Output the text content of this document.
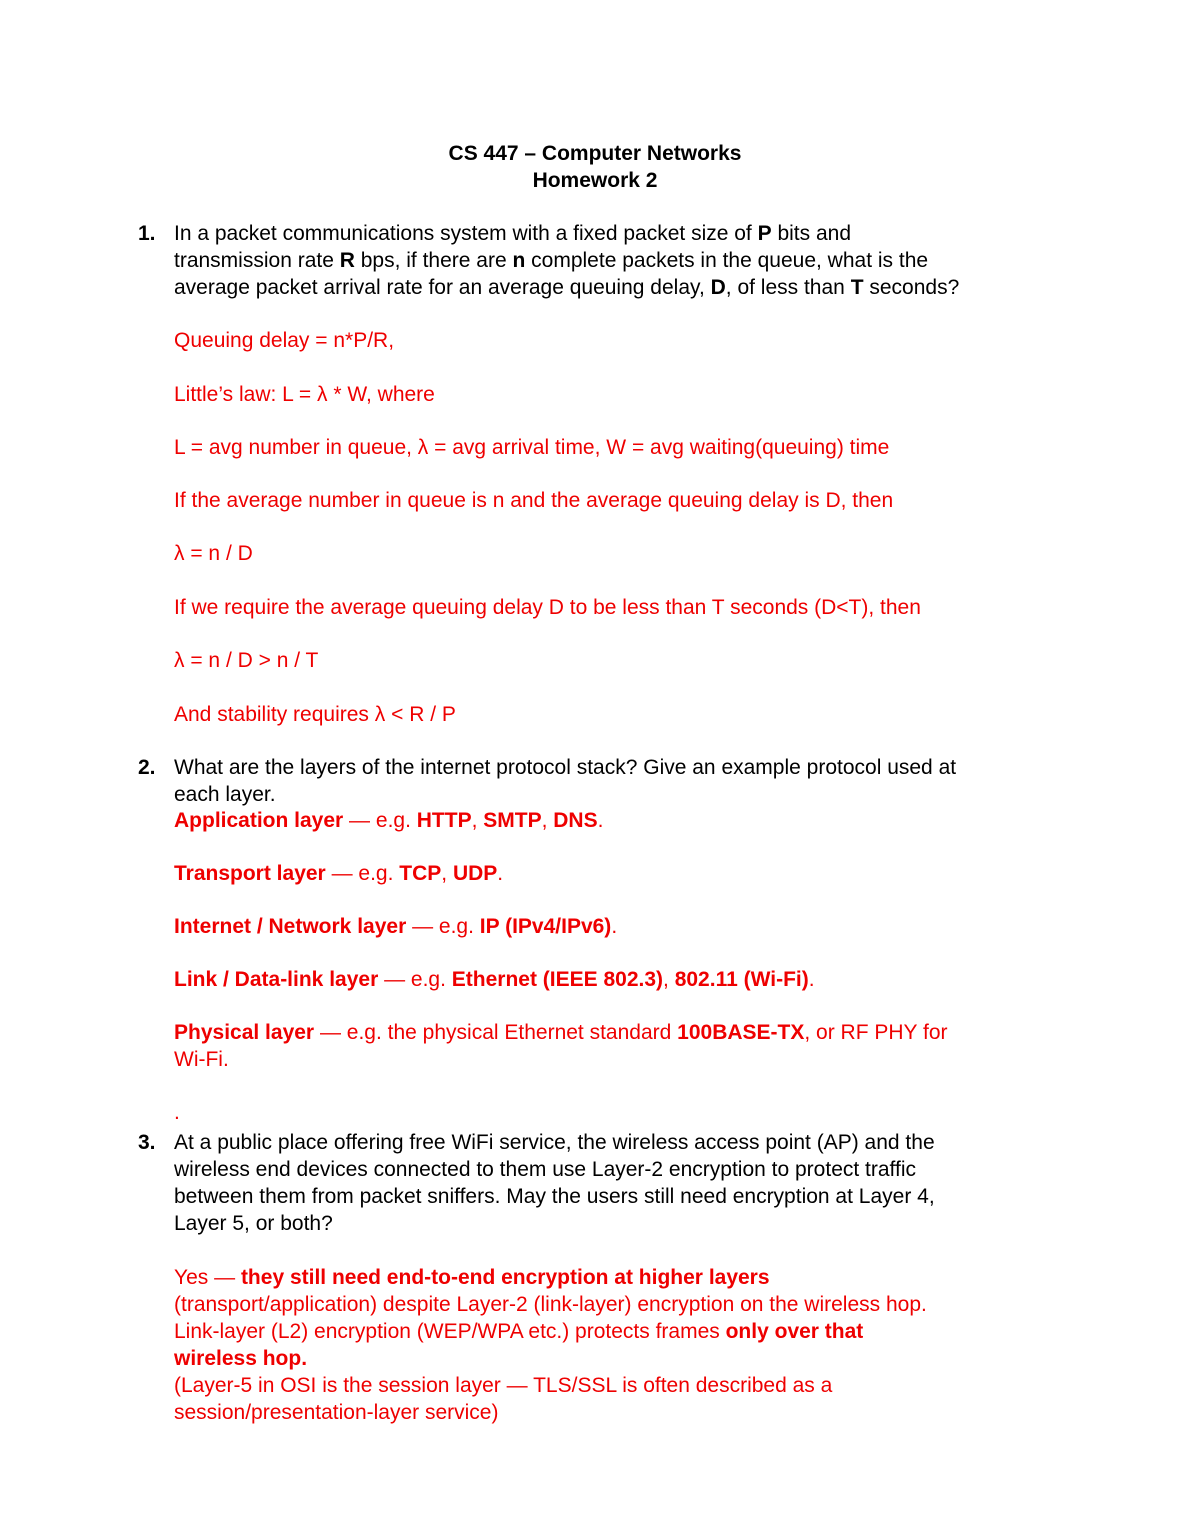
CS 447 – Computer Networks
Homework 2
1. In a packet communications system with a fixed packet size of P bits and
transmission rate R bps, if there are n complete packets in the queue, what is the
average packet arrival rate for an average queuing delay, D, of less than T seconds?
Queuing delay = n*P/R,
Little’s law: L = λ * W, where
L = avg number in queue, λ = avg arrival time, W = avg waiting(queuing) time
If the average number in queue is n and the average queuing delay is D, then
λ = n / D
If we require the average queuing delay D to be less than T seconds (D<T), then
λ = n / D > n / T
And stability requires λ < R / P
2. What are the layers of the internet protocol stack? Give an example protocol used at
each layer.
Application layer — e.g. HTTP, SMTP, DNS.
Transport layer — e.g. TCP, UDP.
Internet / Network layer — e.g. IP (IPv4/IPv6).
Link / Data-link layer — e.g. Ethernet (IEEE 802.3), 802.11 (Wi-Fi).
Physical layer — e.g. the physical Ethernet standard 100BASE-TX, or RF PHY for
Wi-Fi.
.
3. At a public place offering free WiFi service, the wireless access point (AP) and the
wireless end devices connected to them use Layer-2 encryption to protect traffic
between them from packet sniffers. May the users still need encryption at Layer 4,
Layer 5, or both?
Yes — they still need end-to-end encryption at higher layers
(transport/application) despite Layer-2 (link-layer) encryption on the wireless hop.
Link-layer (L2) encryption (WEP/WPA etc.) protects frames only over that
wireless hop.
(Layer-5 in OSI is the session layer — TLS/SSL is often described as a
session/presentation-layer service)
